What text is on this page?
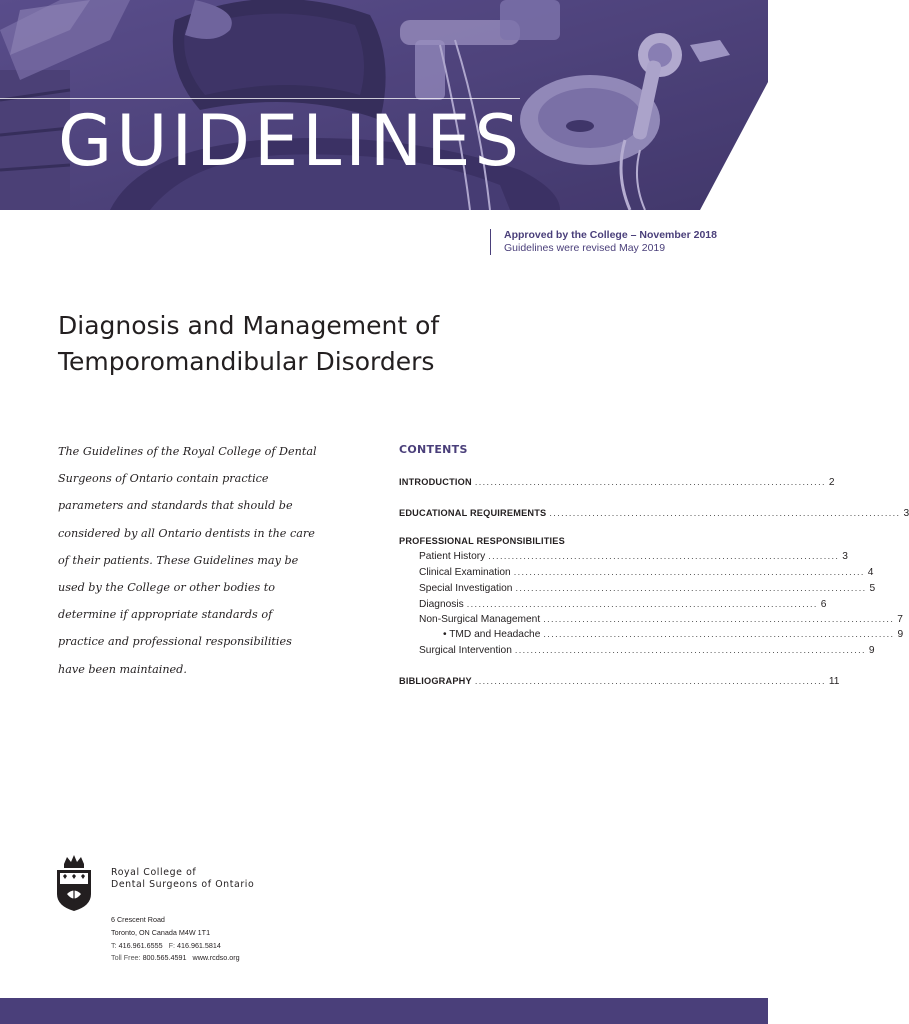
GUIDELINES
Approved by the College – November 2018
Guidelines were revised May 2019
Diagnosis and Management of
Temporomandibular Disorders
The Guidelines of the Royal College of Dental Surgeons of Ontario contain practice parameters and standards that should be considered by all Ontario dentists in the care of their patients. These Guidelines may be used by the College or other bodies to determine if appropriate standards of practice and professional responsibilities have been maintained.
CONTENTS
INTRODUCTION .......................................................................................... 2
EDUCATIONAL REQUIREMENTS .......................................................................................... 3
PROFESSIONAL RESPONSIBILITIES
Patient History .......................................................................................... 3
Clinical Examination .......................................................................................... 4
Special Investigation .......................................................................................... 5
Diagnosis .......................................................................................... 6
Non-Surgical Management .......................................................................................... 7
• TMD and Headache .......................................................................................... 9
Surgical Intervention .......................................................................................... 9
BIBLIOGRAPHY .......................................................................................... 11
Royal College of
Dental Surgeons of Ontario
6 Crescent Road
Toronto, ON Canada M4W 1T1
T: 416.961.6555 F: 416.961.5814
Toll Free: 800.565.4591 www.rcdso.org
